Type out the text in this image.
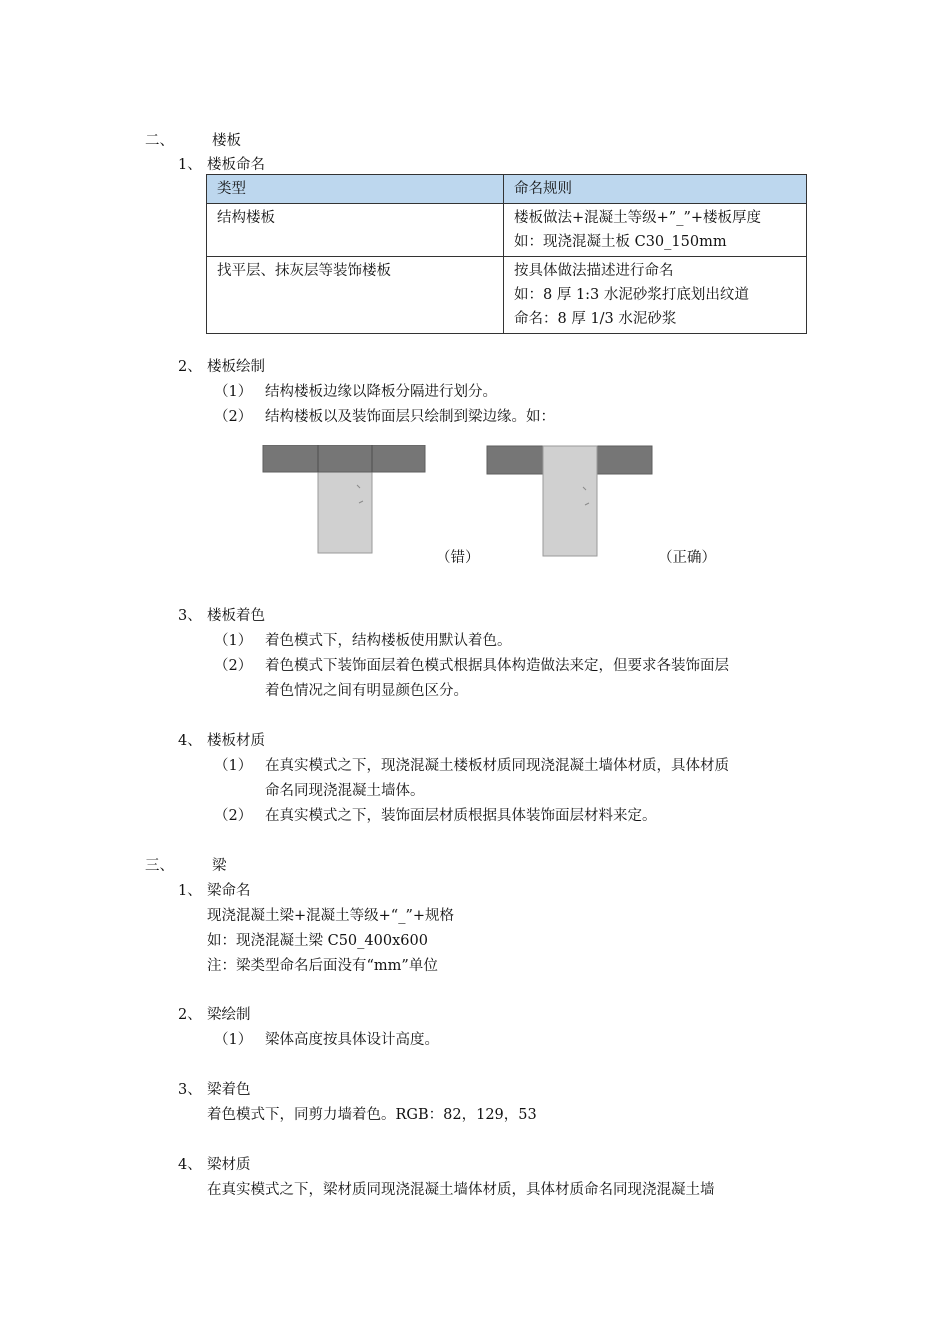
二、	楼板
1、 楼板命名
类型	命名规则
结构楼板	楼板做法+混凝土等级+”_”+楼板厚度
如：现浇混凝土板 C30_150mm

找平层、抹灰层等装饰楼板	按具体做法描述进行命名
如：8 厚 1:3 水泥砂浆打底划出纹道
命名：8 厚 1/3 水泥砂浆
2、 楼板绘制
（1） 结构楼板边缘以降板分隔进行划分。
（2） 结构楼板以及装饰面层只绘制到梁边缘。如：
（错）	（正确）
3、 楼板着色
（1） 着色模式下，结构楼板使用默认着色。
（2） 着色模式下装饰面层着色模式根据具体构造做法来定，但要求各装饰面层
着色情况之间有明显颜色区分。
4、 楼板材质
（1） 在真实模式之下，现浇混凝土楼板材质同现浇混凝土墙体材质，具体材质
命名同现浇混凝土墙体。
（2） 在真实模式之下，装饰面层材质根据具体装饰面层材料来定。
三、	梁
1、 梁命名
现浇混凝土梁+混凝土等级+“_”+规格
如：现浇混凝土梁 C50_400x600
注：梁类型命名后面没有“mm”单位
2、 梁绘制
（1） 梁体高度按具体设计高度。
3、 梁着色
着色模式下，同剪力墙着色。RGB：82，129，53
4、 梁材质
在真实模式之下，梁材质同现浇混凝土墙体材质，具体材质命名同现浇混凝土墙
